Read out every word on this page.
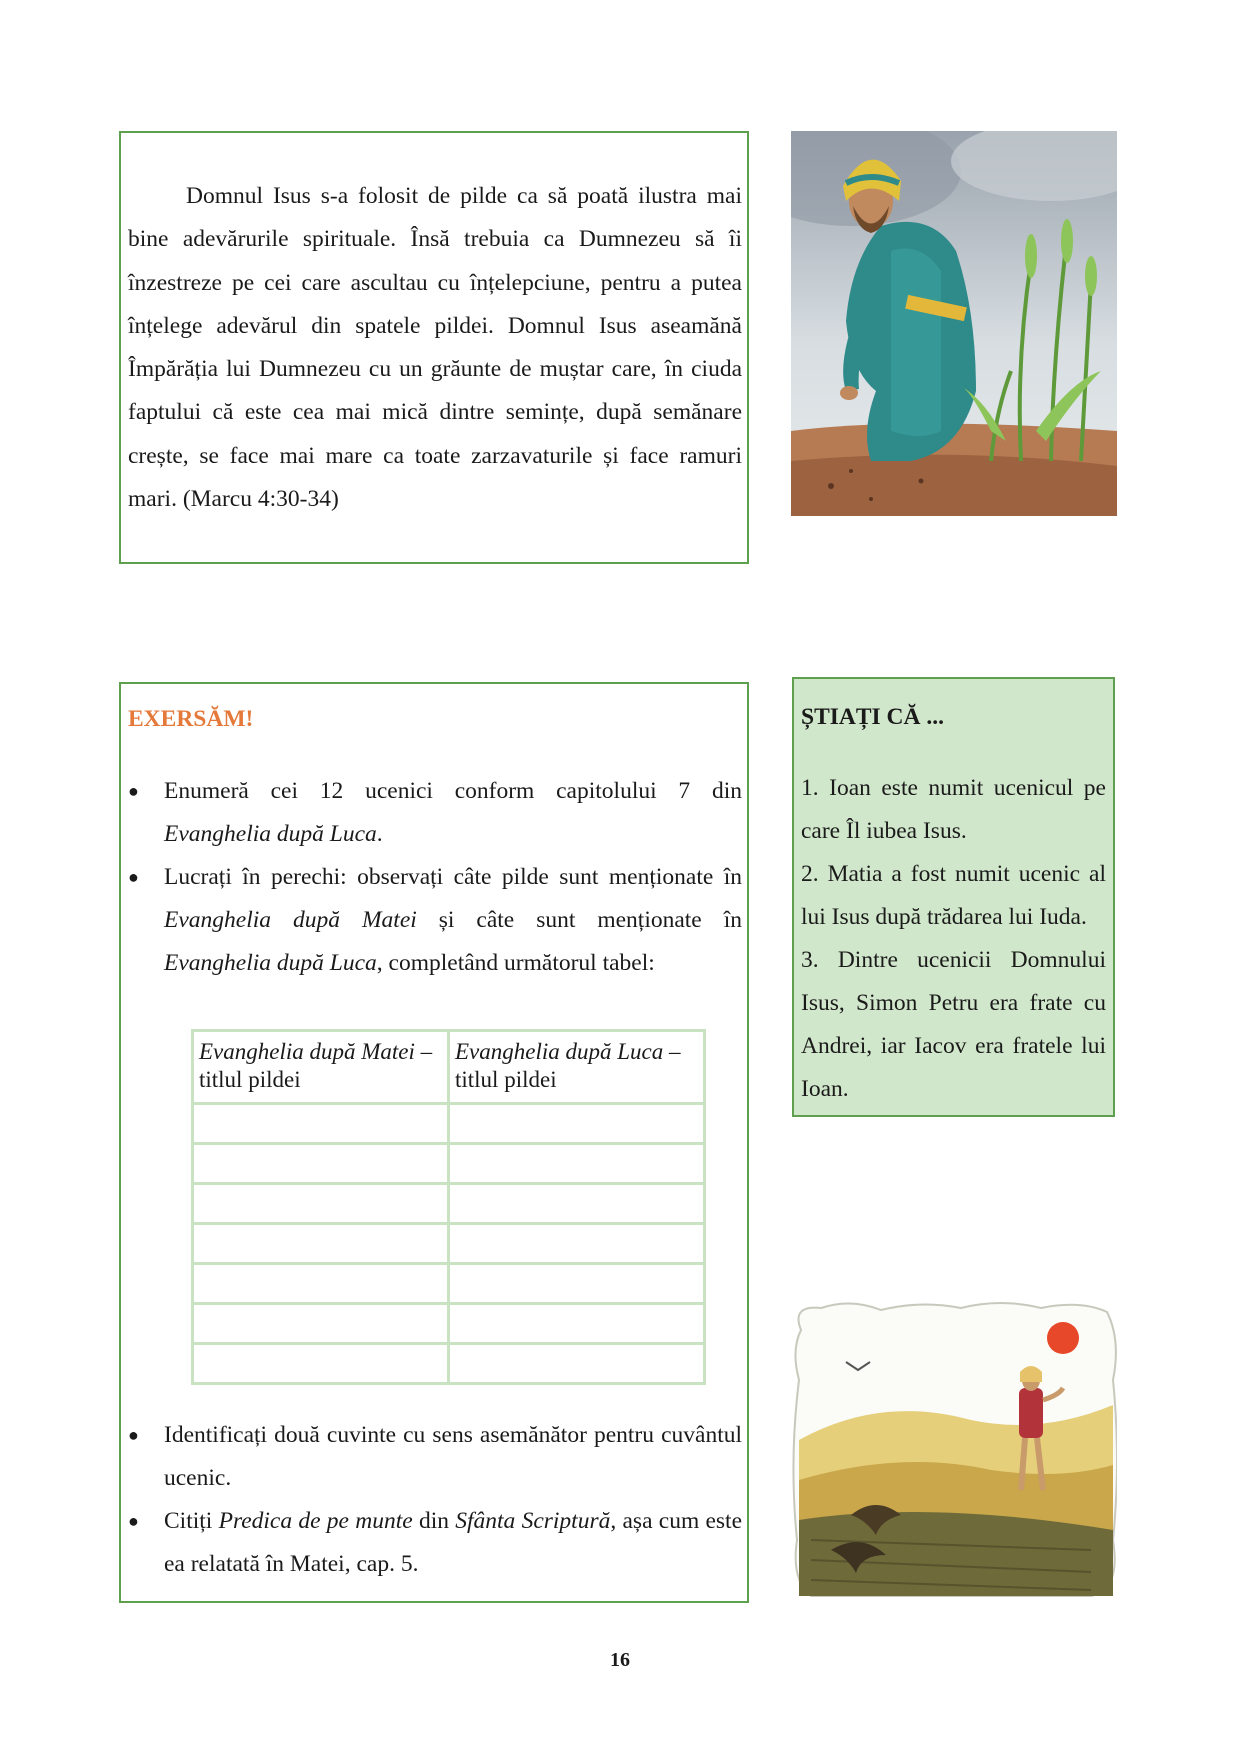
Domnul Isus s-a folosit de pilde ca să poată ilustra mai bine adevărurile spirituale. Însă trebuia ca Dumnezeu să îi înzestreze pe cei care ascultau cu înțelepciune, pentru a putea înțelege adevărul din spatele pildei. Domnul Isus aseamănă Împărăția lui Dumnezeu cu un grăunte de muștar care, în ciuda faptului că este cea mai mică dintre semințe, după semănare crește, se face mai mare ca toate zarzavaturile și face ramuri mari. (Marcu 4:30-34)

EXERSĂM!
● Enumeră cei 12 ucenici conform capitolului 7 din Evanghelia după Luca.
● Lucrați în perechi: observați câte pilde sunt menționate în Evanghelia după Matei și câte sunt menționate în Evanghelia după Luca, completând următorul tabel:
Evanghelia după Matei – titlul pildei	Evanghelia după Luca – titlul pildei

● Identificați două cuvinte cu sens asemănător pentru cuvântul ucenic.
● Citiți Predica de pe munte din Sfânta Scriptură, așa cum este ea relatată în Matei, cap. 5.
ȘTIAȚI CĂ ...
1. Ioan este numit ucenicul pe care Îl iubea Isus.
2. Matia a fost numit ucenic al lui Isus după trădarea lui Iuda.
3. Dintre ucenicii Domnului Isus, Simon Petru era frate cu Andrei, iar Iacov era fratele lui Ioan.
16
